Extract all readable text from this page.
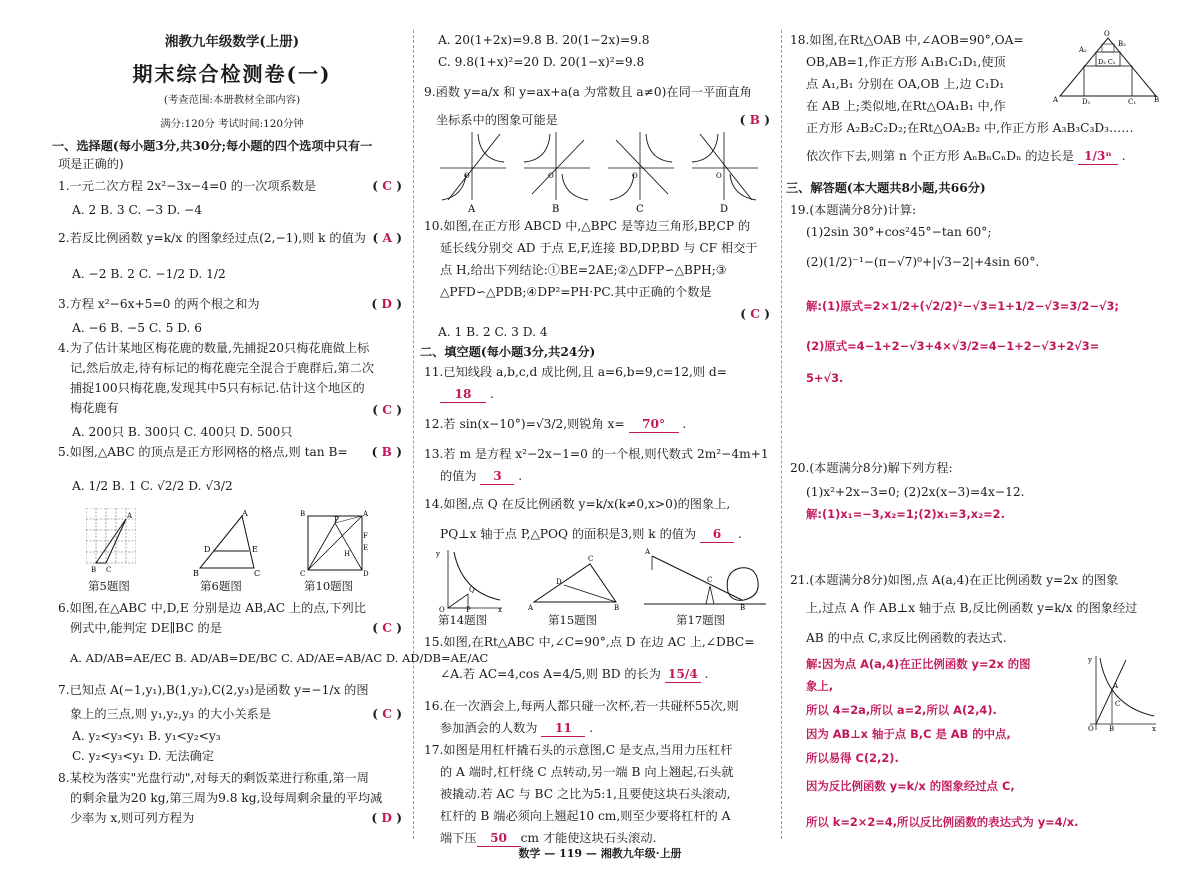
湘教九年级数学(上册)
期末综合检测卷(一)
(考查范围:本册教材全部内容)
满分:120分 考试时间:120分钟
一、选择题(每小题3分,共30分;每小题的四个选项中只有一
项是正确的)
1.一元二次方程 2x²−3x−4=0 的一次项系数是	( C )
A. 2 B. 3 C. −3 D. −4
2.若反比例函数 y=k/x 的图象经过点(2,−1),则 k 的值为 ( A )
A. −2 B. 2 C. −1/2 D. 1/2
3.方程 x²−6x+5=0 的两个根之和为	( D )
A. −6 B. −5 C. 5 D. 6
4.为了估计某地区梅花鹿的数量,先捕捉20只梅花鹿做上标
记,然后放走,待有标记的梅花鹿完全混合于鹿群后,第二次
捕捉100只梅花鹿,发现其中5只有标记.估计这个地区的
梅花鹿有	( C )
A. 200只 B. 300只 C. 400只 D. 500只
5.如图,△ABC 的顶点是正方形网格的格点,则 tan B=	( B )
A. 1/2 B. 1 C. √2/2 D. √3/2
A
B C
A
B	C
D	E
B	A
C	D
P
F
E
H
第5题图	第6题图	第10题图
6.如图,在△ABC 中,D,E 分别是边 AB,AC 上的点,下列比
例式中,能判定 DE∥BC 的是	( C )
A. AD/AB=AE/EC B. AD/AB=DE/BC C. AD/AE=AB/AC D. AD/DB=AE/AC
7.已知点 A(−1,y₁),B(1,y₂),C(2,y₃)是函数 y=−1/x 的图
象上的三点,则 y₁,y₂,y₃ 的大小关系是	( C )
A. y₂<y₃<y₁ B. y₁<y₂<y₃
C. y₂<y₃<y₁ D. 无法确定
8.某校为落实"光盘行动",对每天的剩饭菜进行称重,第一周
的剩余量为20 kg,第三周为9.8 kg,设每周剩余量的平均减
少率为 x,则可列方程为	( D )
A. 20(1+2x)=9.8 B. 20(1−2x)=9.8
C. 9.8(1+x)²=20 D. 20(1−x)²=9.8
9.函数 y=a/x 和 y=ax+a(a 为常数且 a≠0)在同一平面直角
坐标系中的图象可能是	( B )
O
A
O
B
O
C
O
D
10.如图,在正方形 ABCD 中,△BPC 是等边三角形,BP,CP 的
延长线分别交 AD 于点 E,F,连接 BD,DP,BD 与 CF 相交于
点 H,给出下列结论:①BE=2AE;②△DFP∽△BPH;③
△PFD∽△PDB;④DP²=PH·PC.其中正确的个数是
( C )
A. 1 B. 2 C. 3 D. 4
二、填空题(每小题3分,共24分)
11.已知线段 a,b,c,d 成比例,且 a=6,b=9,c=12,则 d=
18 .
12.若 sin(x−10°)=√3/2,则锐角 x= 70° .
13.若 m 是方程 x²−2x−1=0 的一个根,则代数式 2m²−4m+1
的值为 3 .
14.如图,点 Q 在反比例函数 y=k/x(k≠0,x>0)的图象上,
PQ⊥x 轴于点 P,△POQ 的面积是3,则 k 的值为 6 .
y
O
Q
P	x	A	B
C
D
A
C
B
第14题图	第15题图	第17题图
15.如图,在Rt△ABC 中,∠C=90°,点 D 在边 AC 上,∠DBC=
∠A.若 AC=4,cos A=4/5,则 BD 的长为 15/4 .
16.在一次酒会上,每两人都只碰一次杯,若一共碰杯55次,则
参加酒会的人数为 11 .
17.如图是用杠杆撬石头的示意图,C 是支点,当用力压杠杆
的 A 端时,杠杆绕 C 点转动,另一端 B 向上翘起,石头就
被撬动.若 AC 与 BC 之比为5:1,且要使这块石头滚动,
杠杆的 B 端必须向上翘起10 cm,则至少要将杠杆的 A
端下压 50 cm 才能使这块石头滚动.
18.如图,在Rt△OAB 中,∠AOB=90°,OA=
OB,AB=1,作正方形 A₁B₁C₁D₁,使顶
点 A₁,B₁ 分别在 OA,OB 上,边 C₁D₁
在 AB 上;类似地,在Rt△OA₁B₁ 中,作
正方形 A₂B₂C₂D₂;在Rt△OA₂B₂ 中,作正方形 A₃B₃C₃D₃……
依次作下去,则第 n 个正方形 AₙBₙCₙDₙ 的边长是 1/3ⁿ .
O
A₂
B₂
A	B
D₁	C₁
D₂ C₂
三、解答题(本大题共8小题,共66分)
19.(本题满分8分)计算:
(1)2sin 30°+cos²45°−tan 60°;
(2)(1/2)⁻¹−(π−√7)⁰+|√3−2|+4sin 60°.
解:(1)原式=2×1/2+(√2/2)²−√3=1+1/2−√3=3/2−√3;
(2)原式=4−1+2−√3+4×√3/2=4−1+2−√3+2√3=
5+√3.
20.(本题满分8分)解下列方程:
(1)x²+2x−3=0; (2)2x(x−3)=4x−12.
解:(1)x₁=−3,x₂=1;(2)x₁=3,x₂=2.
21.(本题满分8分)如图,点 A(a,4)在正比例函数 y=2x 的图象
上,过点 A 作 AB⊥x 轴于点 B,反比例函数 y=k/x 的图象经过
AB 的中点 C,求反比例函数的表达式.
解:因为点 A(a,4)在正比例函数 y=2x 的图
象上,
所以 4=2a,所以 a=2,所以 A(2,4).
因为 AB⊥x 轴于点 B,C 是 AB 的中点,
所以易得 C(2,2).
因为反比例函数 y=k/x 的图象经过点 C,
所以 k=2×2=4,所以反比例函数的表达式为 y=4/x.
y
O
A
C
B	x
数学 — 119 — 湘教九年级·上册
